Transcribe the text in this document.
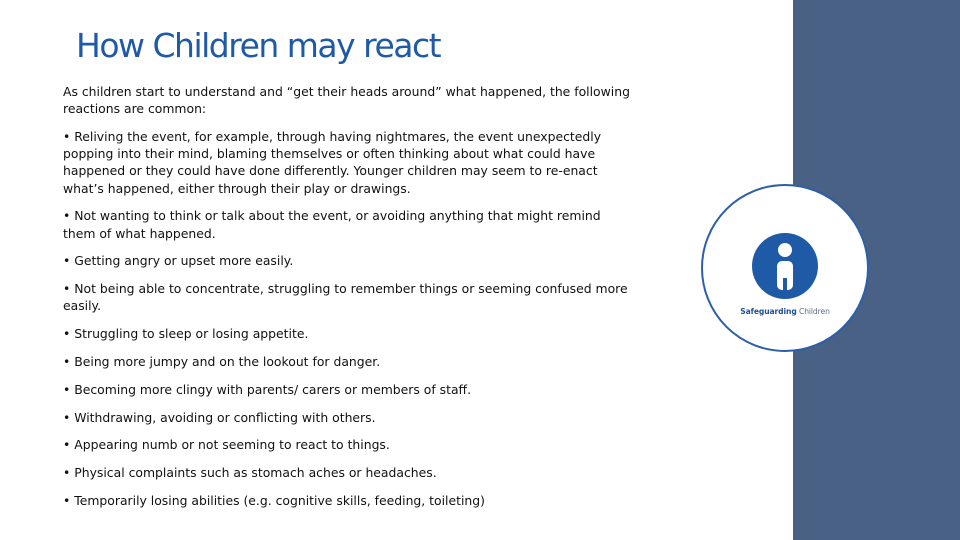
How Children may react

As children start to understand and “get their heads around” what happened, the following reactions are common:

• Reliving the event, for example, through having nightmares, the event unexpectedly popping into their mind, blaming themselves or often thinking about what could have happened or they could have done differently. Younger children may seem to re-enact what’s happened, either through their play or drawings.
• Not wanting to think or talk about the event, or avoiding anything that might remind them of what happened.
• Getting angry or upset more easily.
• Not being able to concentrate, struggling to remember things or seeming confused more easily.
• Struggling to sleep or losing appetite.
• Being more jumpy and on the lookout for danger.
• Becoming more clingy with parents/ carers or members of staff.
• Withdrawing, avoiding or conflicting with others.
• Appearing numb or not seeming to react to things.
• Physical complaints such as stomach aches or headaches.
• Temporarily losing abilities (e.g. cognitive skills, feeding, toileting)
Safeguarding Children
